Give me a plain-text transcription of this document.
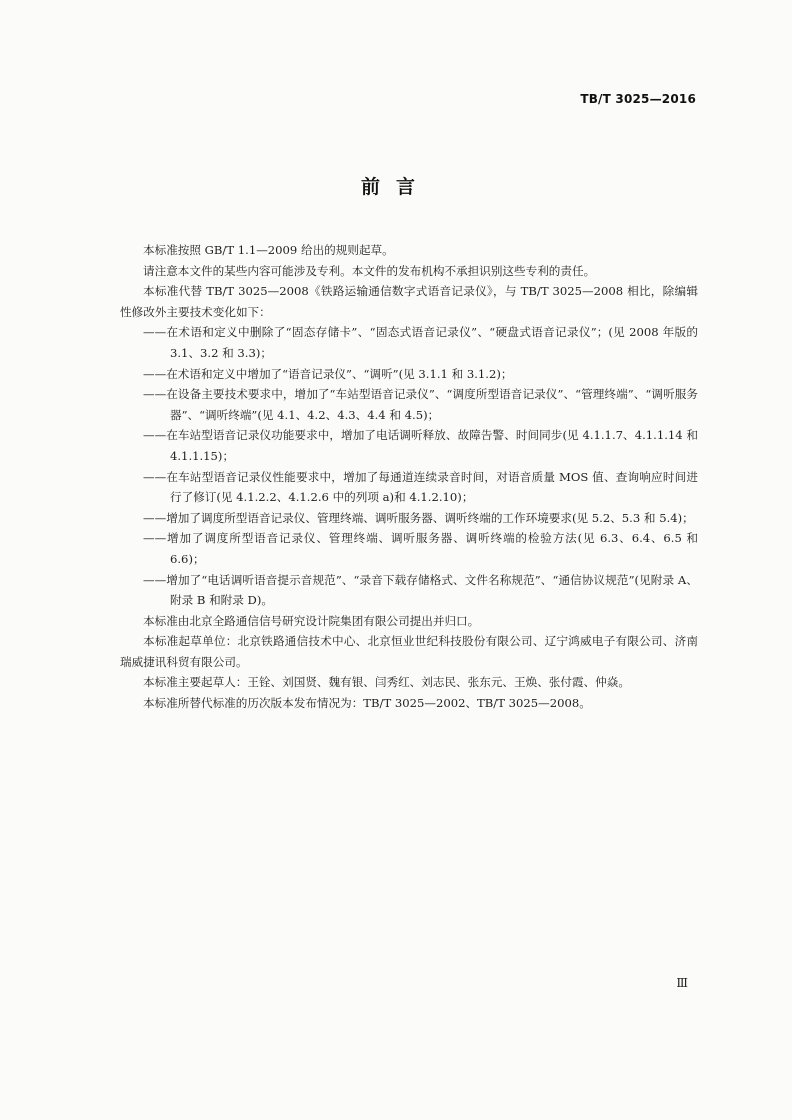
TB/T 3025—2016
前言

本标准按照 GB/T 1.1—2009 给出的规则起草。

请注意本文件的某些内容可能涉及专利。本文件的发布机构不承担识别这些专利的责任。

本标准代替 TB/T 3025—2008《铁路运输通信数字式语音记录仪》，与 TB/T 3025—2008 相比，除编辑性修改外主要技术变化如下：

——在术语和定义中删除了“固态存储卡”、“固态式语音记录仪”、“硬盘式语音记录仪”；(见 2008 年版的 3.1、3.2 和 3.3)；

——在术语和定义中增加了“语音记录仪”、“调听”(见 3.1.1 和 3.1.2)；

——在设备主要技术要求中，增加了“车站型语音记录仪”、“调度所型语音记录仪”、“管理终端”、“调听服务器”、“调听终端”(见 4.1、4.2、4.3、4.4 和 4.5)；

——在车站型语音记录仪功能要求中，增加了电话调听释放、故障告警、时间同步(见 4.1.1.7、4.1.1.14 和 4.1.1.15)；

——在车站型语音记录仪性能要求中，增加了每通道连续录音时间，对语音质量 MOS 值、查询响应时间进行了修订(见 4.1.2.2、4.1.2.6 中的列项 a)和 4.1.2.10)；

——增加了调度所型语音记录仪、管理终端、调听服务器、调听终端的工作环境要求(见 5.2、5.3 和 5.4)；

——增加了调度所型语音记录仪、管理终端、调听服务器、调听终端的检验方法(见 6.3、6.4、6.5 和 6.6)；

——增加了“电话调听语音提示音规范”、“录音下载存储格式、文件名称规范”、“通信协议规范”(见附录 A、附录 B 和附录 D)。

本标准由北京全路通信信号研究设计院集团有限公司提出并归口。

本标准起草单位：北京铁路通信技术中心、北京恒业世纪科技股份有限公司、辽宁鸿威电子有限公司、济南瑞威捷讯科贸有限公司。

本标准主要起草人：王铨、刘国贤、魏有银、闫秀红、刘志民、张东元、王焕、张付霞、仲焱。

本标准所替代标准的历次版本发布情况为：TB/T 3025—2002、TB/T 3025—2008。

Ⅲ
